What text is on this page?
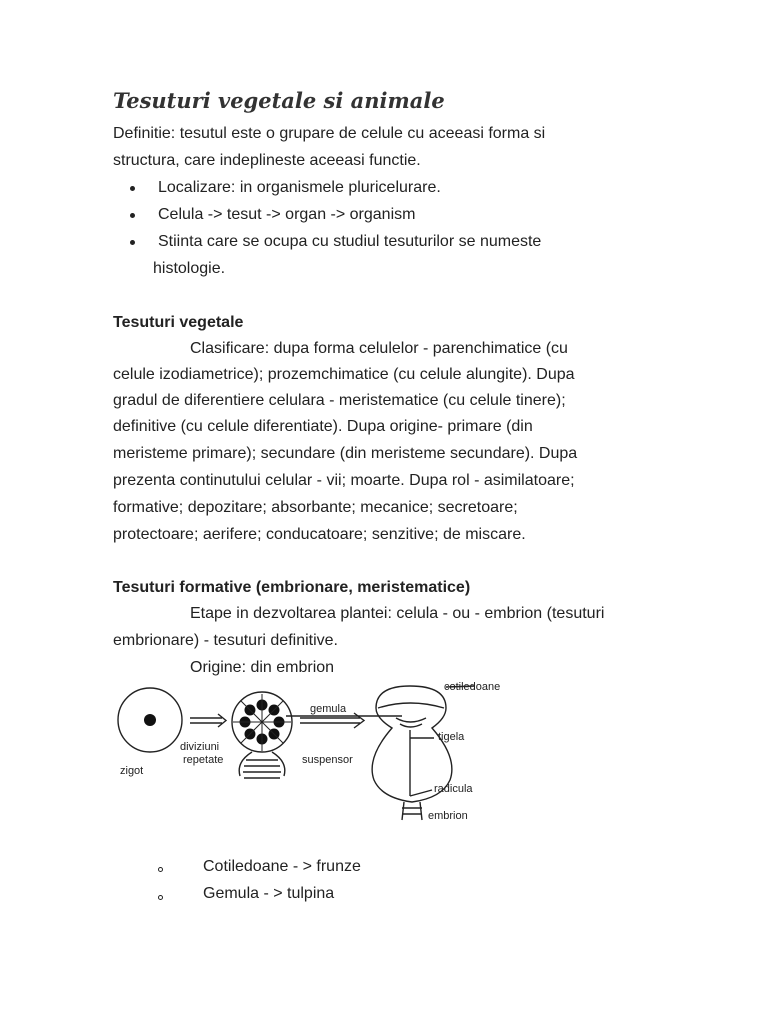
Tesuturi vegetale si animale

Definitie: tesutul este o grupare de celule cu aceeasi forma si

structura, care indeplineste aceeasi functie.

Localizare: in organismele pluricelurare.

Celula -> tesut -> organ -> organism

Stiinta care se ocupa cu studiul tesuturilor se numeste

histologie.

Tesuturi vegetale

Clasificare: dupa forma celulelor - parenchimatice (cu

celule izodiametrice); prozemchimatice (cu celule alungite). Dupa

gradul de diferentiere celulara - meristematice (cu celule tinere);

definitive (cu celule diferentiate). Dupa origine- primare (din

meristeme primare); secundare (din meristeme secundare). Dupa

prezenta continutului celular - vii; moarte. Dupa rol - asimilatoare;

formative; depozitare; absorbante; mecanice; secretoare;

protectoare; aerifere; conducatoare; senzitive; de miscare.

Tesuturi formative (embrionare, meristematice)

Etape in dezvoltarea plantei: celula - ou - embrion (tesuturi

embrionare) - tesuturi definitive.

Origine: din embrion

zigot
diviziuni
repetate
gemula
suspensor
cotiledoane
tigela
radicula
embrion

Cotiledoane - > frunze

Gemula - > tulpina
